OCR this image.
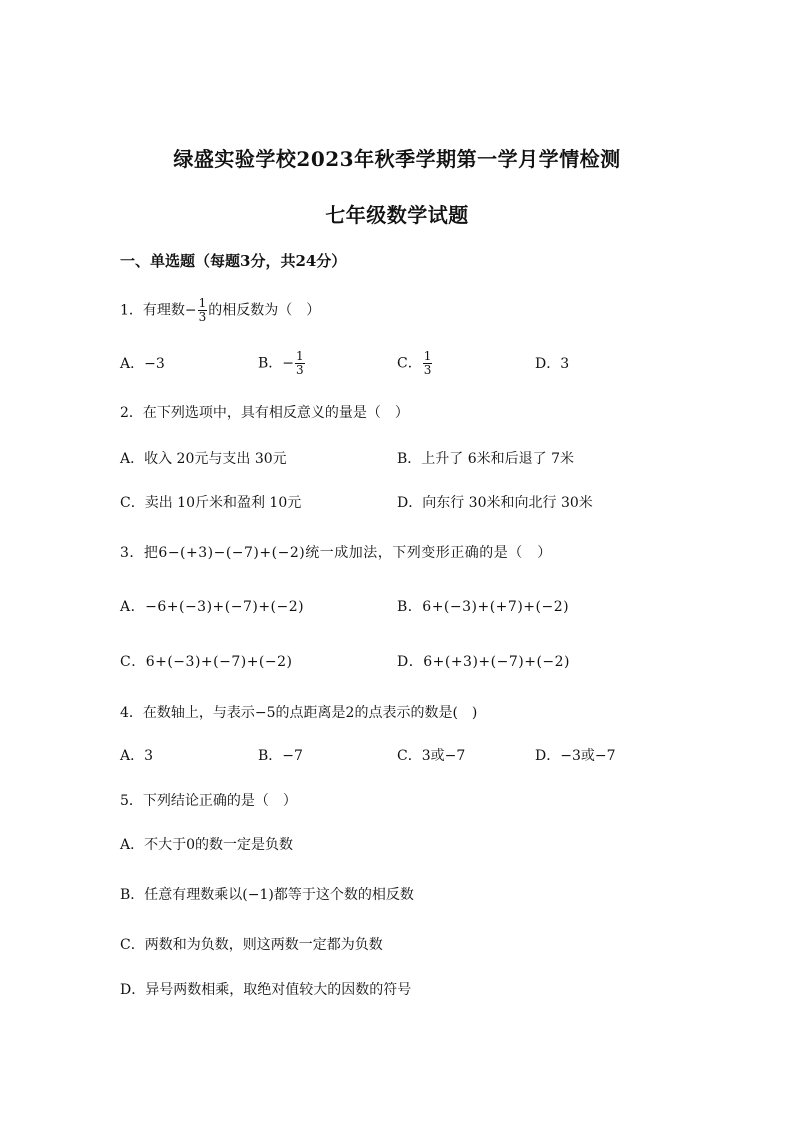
绿盛实验学校2023年秋季学期第一学月学情检测
七年级数学试题
一、单选题（每题3分，共24分）
1．有理数− $\frac{1}{3}$ 的相反数为（　）
A．−3	B．− $\frac{1}{3}$	C． $\frac{1}{3}$	D．3
2．在下列选项中，具有相反意义的量是（　）
A．收入 20元与支出 30元	B．上升了 6米和后退了 7米
C．卖出 10斤米和盈利 10元	D．向东行 30米和向北行 30米
3．把6−(+3)−(−7)+(−2)统一成加法，下列变形正确的是（　）
A．−6+(−3)+(−7)+(−2)	B．6+(−3)+(+7)+(−2)
C．6+(−3)+(−7)+(−2)	D．6+(+3)+(−7)+(−2)
4．在数轴上，与表示−5的点距离是2的点表示的数是(　)
A．3	B．−7	C．3或−7	D．−3或−7
5．下列结论正确的是（　）
A．不大于0的数一定是负数
B．任意有理数乘以(−1)都等于这个数的相反数
C．两数和为负数，则这两数一定都为负数
D．异号两数相乘，取绝对值较大的因数的符号
